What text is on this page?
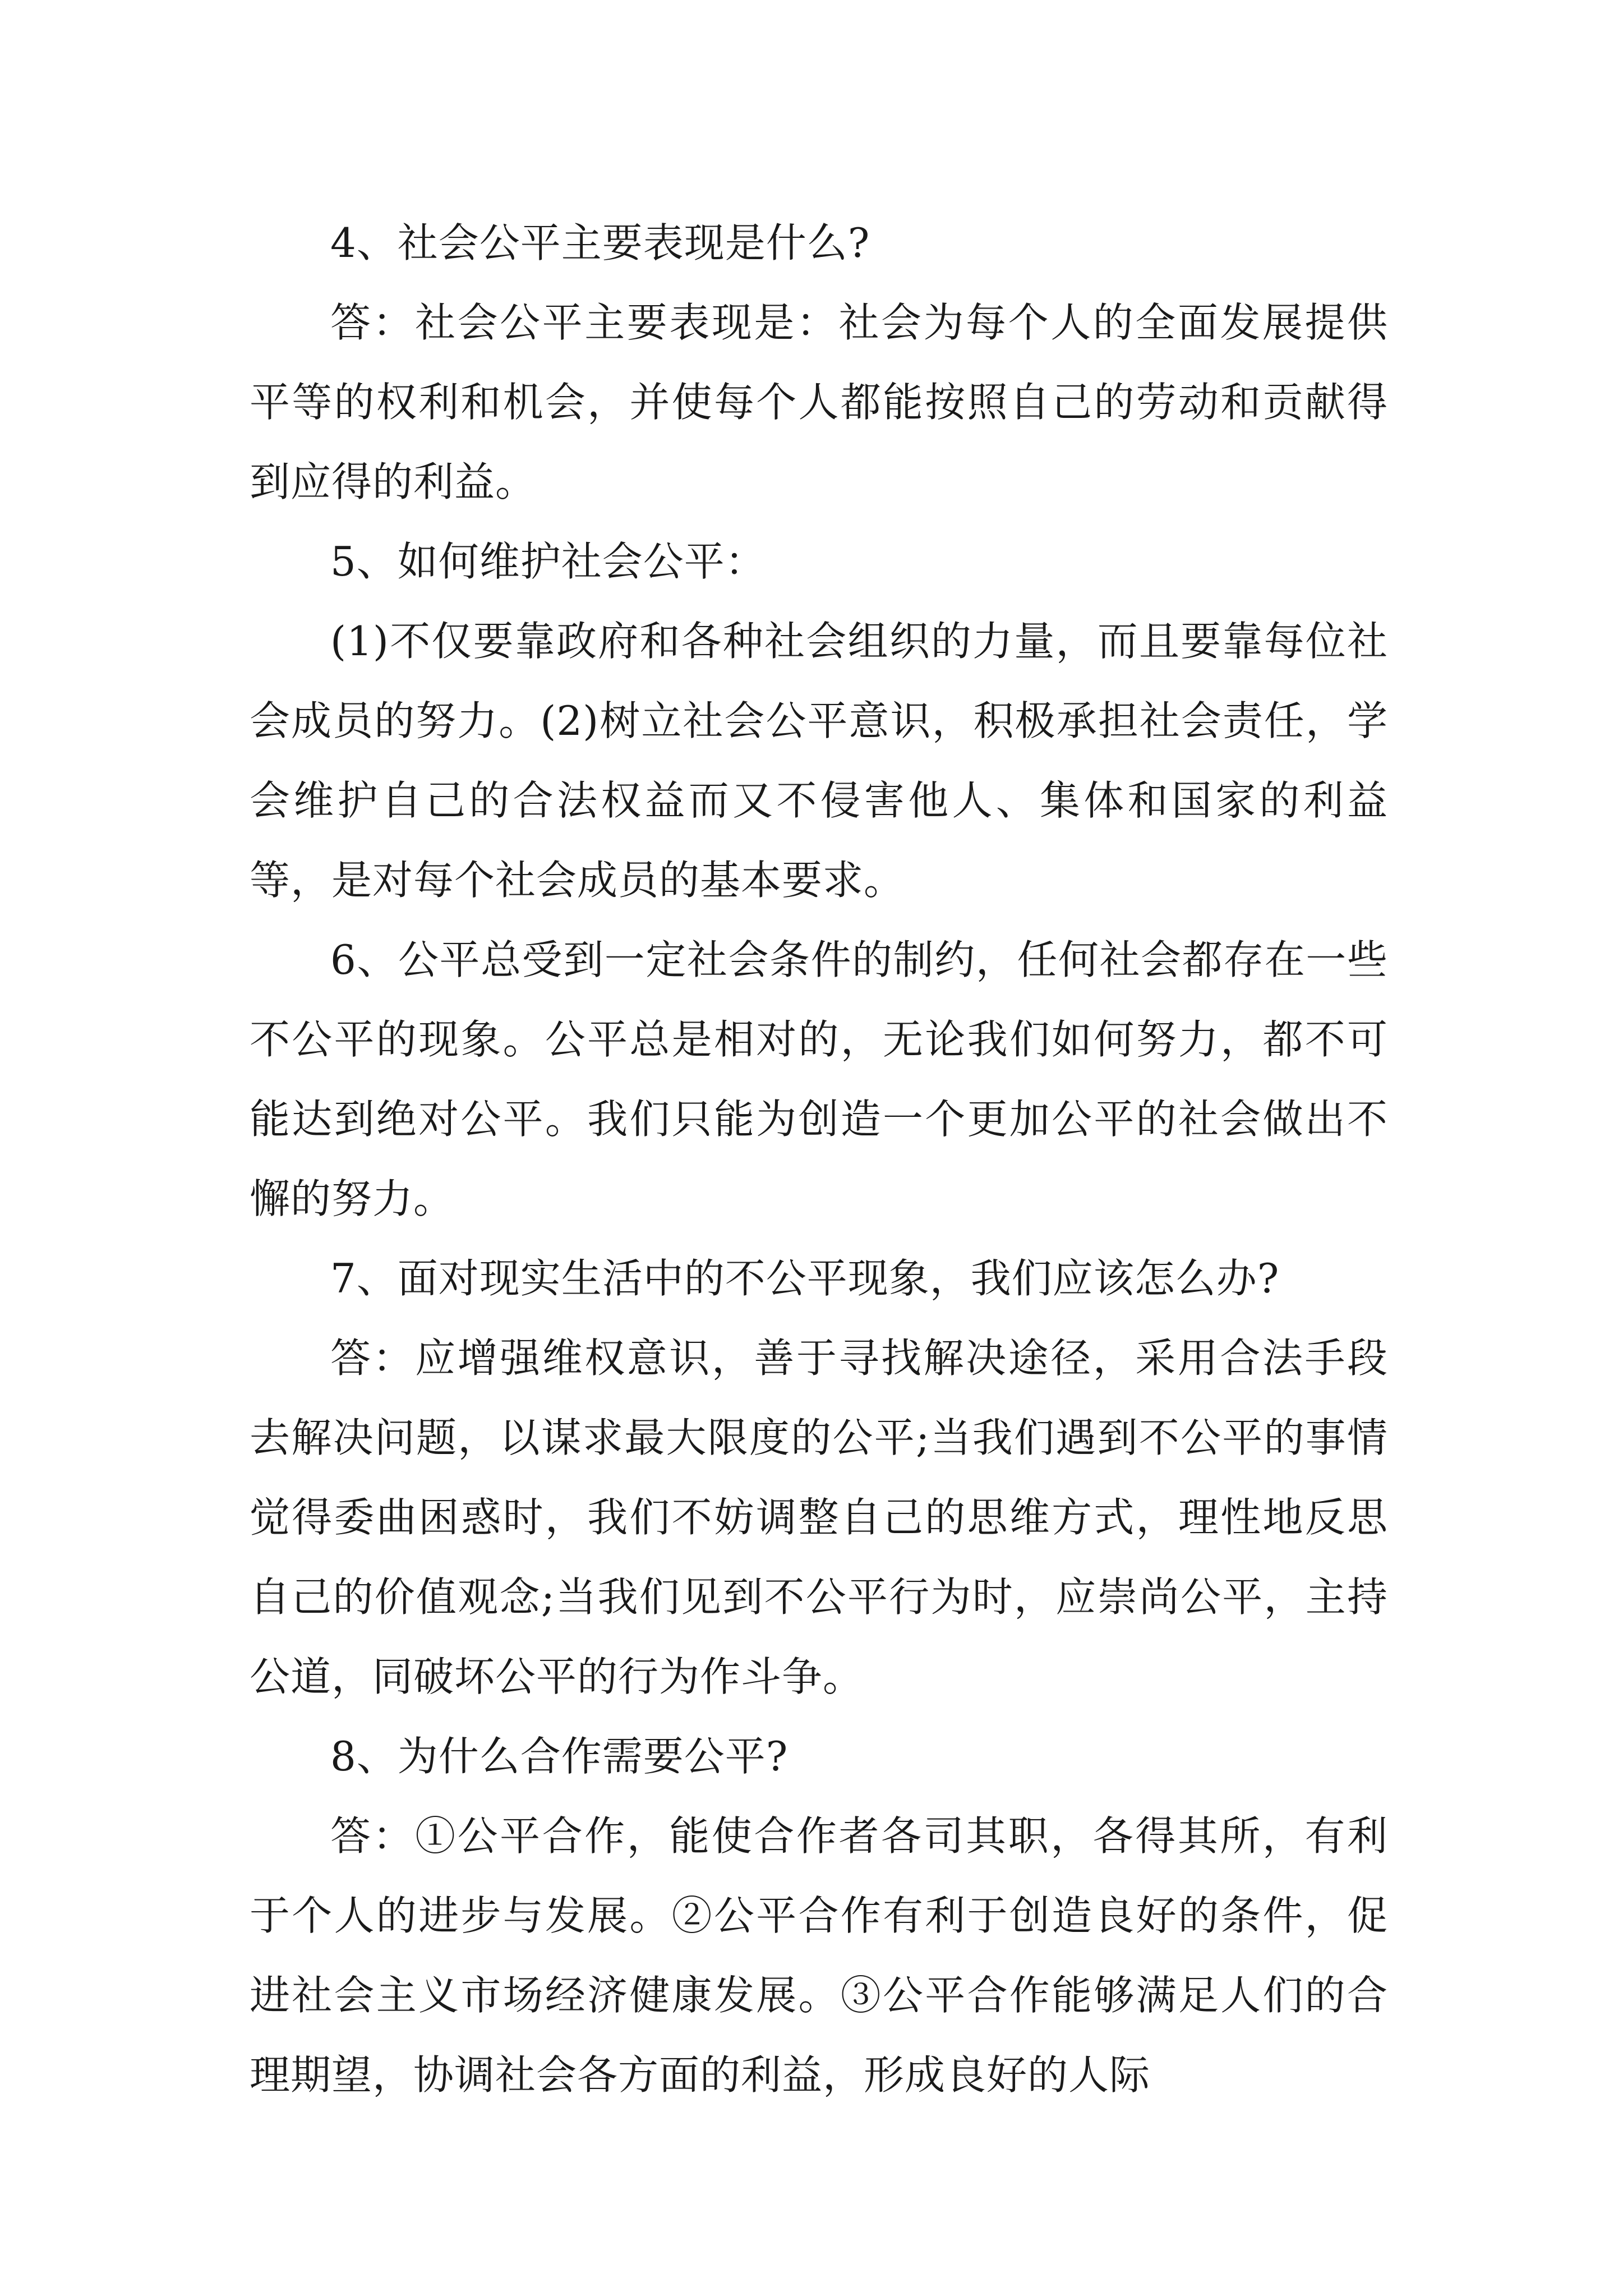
4、社会公平主要表现是什么?

答：社会公平主要表现是：社会为每个人的全面发展提供平等的权利和机会，并使每个人都能按照自己的劳动和贡献得到应得的利益。

5、如何维护社会公平：

(1)不仅要靠政府和各种社会组织的力量，而且要靠每位社会成员的努力。(2)树立社会公平意识，积极承担社会责任，学会维护自己的合法权益而又不侵害他人、集体和国家的利益等，是对每个社会成员的基本要求。

6、公平总受到一定社会条件的制约，任何社会都存在一些不公平的现象。公平总是相对的，无论我们如何努力，都不可能达到绝对公平。我们只能为创造一个更加公平的社会做出不懈的努力。

7、面对现实生活中的不公平现象，我们应该怎么办?

答：应增强维权意识，善于寻找解决途径，采用合法手段去解决问题，以谋求最大限度的公平;当我们遇到不公平的事情觉得委曲困惑时，我们不妨调整自己的思维方式，理性地反思自己的价值观念;当我们见到不公平行为时，应崇尚公平，主持公道，同破坏公平的行为作斗争。

8、为什么合作需要公平?

答：①公平合作，能使合作者各司其职，各得其所，有利于个人的进步与发展。②公平合作有利于创造良好的条件，促进社会主义市场经济健康发展。③公平合作能够满足人们的合理期望，协调社会各方面的利益，形成良好的人际
